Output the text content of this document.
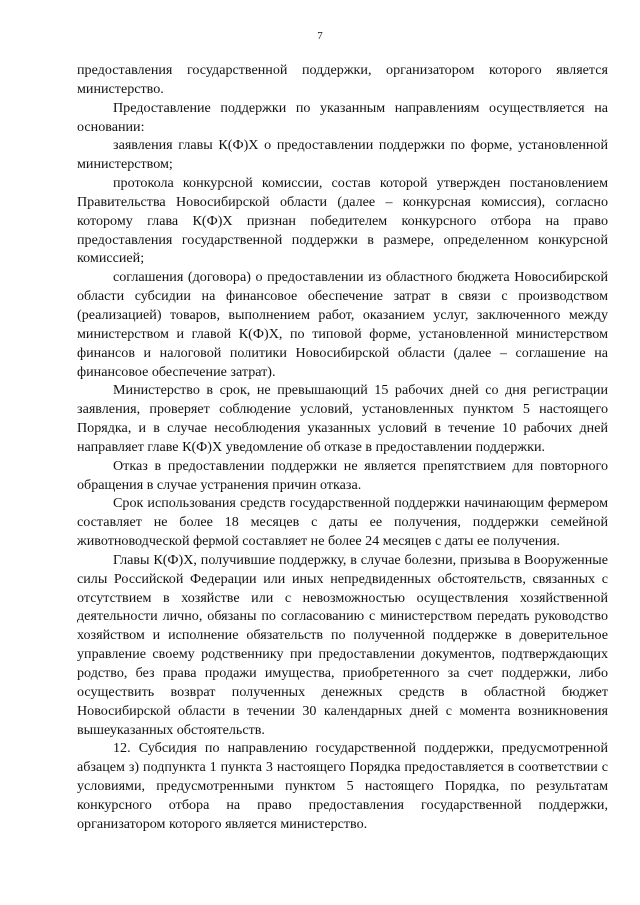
7

предоставления государственной поддержки, организатором которого является министерство.

Предоставление поддержки по указанным направлениям осуществляется на основании:

заявления главы К(Ф)Х о предоставлении поддержки по форме, установленной министерством;

протокола конкурсной комиссии, состав которой утвержден постановлением Правительства Новосибирской области (далее – конкурсная комиссия), согласно которому глава К(Ф)Х признан победителем конкурсного отбора на право предоставления государственной поддержки в размере, определенном конкурсной комиссией;

соглашения (договора) о предоставлении из областного бюджета Новосибирской области субсидии на финансовое обеспечение затрат в связи с производством (реализацией) товаров, выполнением работ, оказанием услуг, заключенного между министерством и главой К(Ф)Х, по типовой форме, установленной министерством финансов и налоговой политики Новосибирской области (далее – соглашение на финансовое обеспечение затрат).

Министерство в срок, не превышающий 15 рабочих дней со дня регистрации заявления, проверяет соблюдение условий, установленных пунктом 5 настоящего Порядка, и в случае несоблюдения указанных условий в течение 10 рабочих дней направляет главе К(Ф)Х уведомление об отказе в предоставлении поддержки.

Отказ в предоставлении поддержки не является препятствием для повторного обращения в случае устранения причин отказа.

Срок использования средств государственной поддержки начинающим фермером составляет не более 18 месяцев с даты ее получения, поддержки семейной животноводческой фермой составляет не более 24 месяцев с даты ее получения.

Главы К(Ф)Х, получившие поддержку, в случае болезни, призыва в Вооруженные силы Российской Федерации или иных непредвиденных обстоятельств, связанных с отсутствием в хозяйстве или с невозможностью осуществления хозяйственной деятельности лично, обязаны по согласованию с министерством передать руководство хозяйством и исполнение обязательств по полученной поддержке в доверительное управление своему родственнику при предоставлении документов, подтверждающих родство, без права продажи имущества, приобретенного за счет поддержки, либо осуществить возврат полученных денежных средств в областной бюджет Новосибирской области в течении 30 календарных дней с момента возникновения вышеуказанных обстоятельств.

12. Субсидия по направлению государственной поддержки, предусмотренной абзацем з) подпункта 1 пункта 3 настоящего Порядка предоставляется в соответствии с условиями, предусмотренными пунктом 5 настоящего Порядка, по результатам конкурсного отбора на право предоставления государственной поддержки, организатором которого является министерство.
